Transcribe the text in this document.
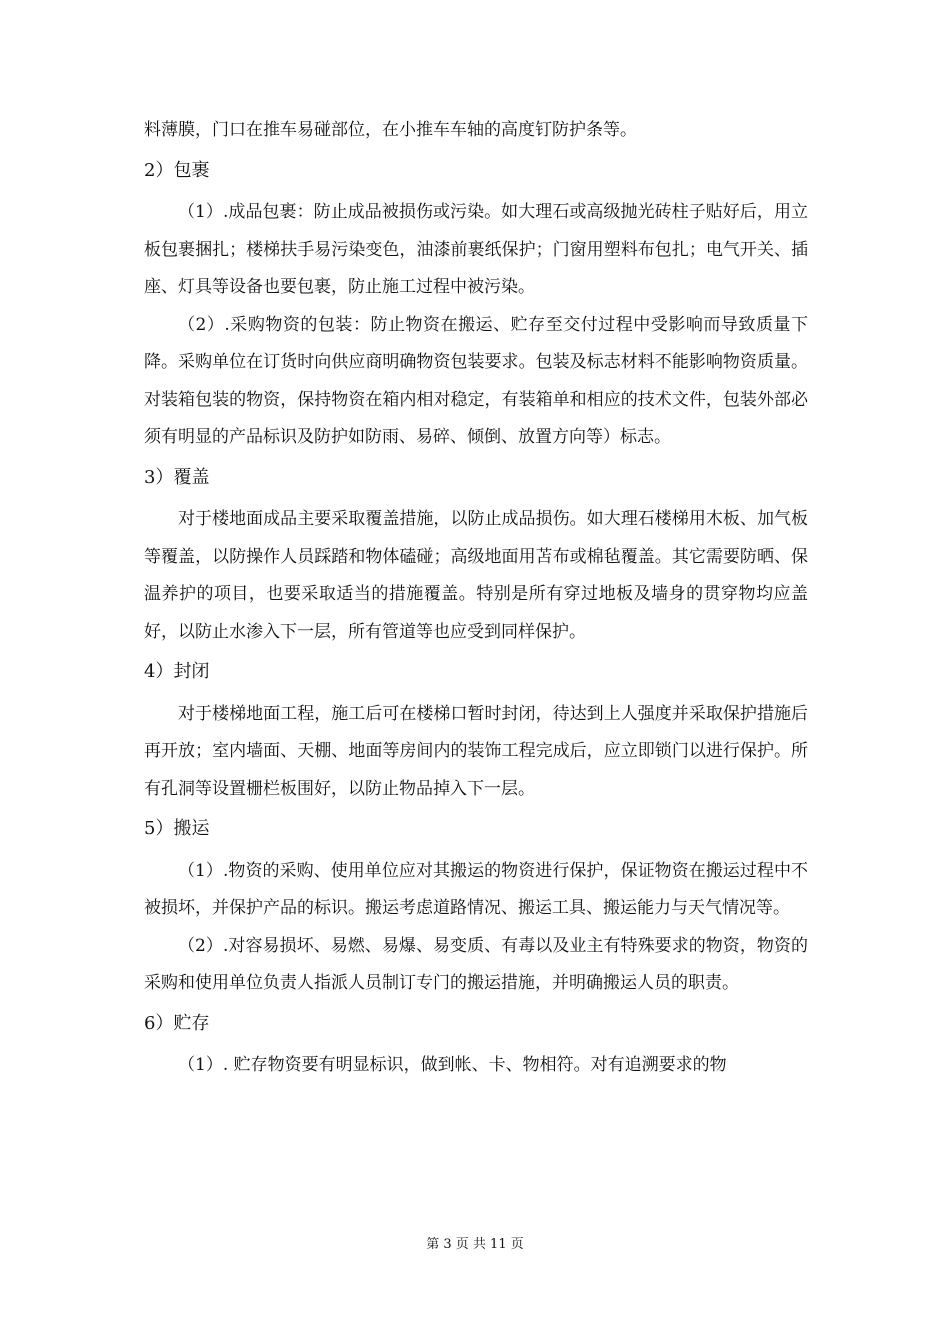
料薄膜，门口在推车易碰部位，在小推车车轴的高度钉防护条等。

2）包裹

（1）.成品包裹：防止成品被损伤或污染。如大理石或高级抛光砖柱子贴好后，用立板包裹捆扎；楼梯扶手易污染变色，油漆前裹纸保护；门窗用塑料布包扎；电气开关、插座、灯具等设备也要包裹，防止施工过程中被污染。

（2）.采购物资的包装：防止物资在搬运、贮存至交付过程中受影响而导致质量下降。采购单位在订货时向供应商明确物资包装要求。包装及标志材料不能影响物资质量。对装箱包装的物资，保持物资在箱内相对稳定，有装箱单和相应的技术文件，包装外部必须有明显的产品标识及防护如防雨、易碎、倾倒、放置方向等）标志。

3）覆盖

对于楼地面成品主要采取覆盖措施，以防止成品损伤。如大理石楼梯用木板、加气板等覆盖，以防操作人员踩踏和物体磕碰；高级地面用苫布或棉毡覆盖。其它需要防晒、保温养护的项目，也要采取适当的措施覆盖。特别是所有穿过地板及墙身的贯穿物均应盖好，以防止水渗入下一层，所有管道等也应受到同样保护。

4）封闭

对于楼梯地面工程，施工后可在楼梯口暂时封闭，待达到上人强度并采取保护措施后再开放；室内墙面、天棚、地面等房间内的装饰工程完成后，应立即锁门以进行保护。所有孔洞等设置栅栏板围好，以防止物品掉入下一层。

5）搬运

（1）.物资的采购、使用单位应对其搬运的物资进行保护，保证物资在搬运过程中不被损坏，并保护产品的标识。搬运考虑道路情况、搬运工具、搬运能力与天气情况等。

（2）.对容易损坏、易燃、易爆、易变质、有毒以及业主有特殊要求的物资，物资的采购和使用单位负责人指派人员制订专门的搬运措施，并明确搬运人员的职责。

6）贮存

（1）. 贮存物资要有明显标识，做到帐、卡、物相符。对有追溯要求的物

第 3 页 共 11 页
